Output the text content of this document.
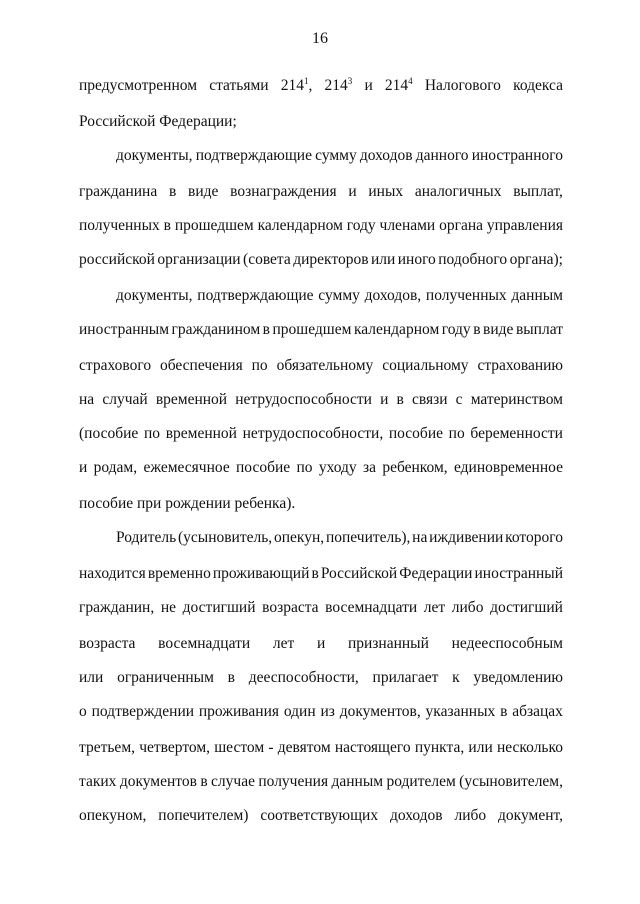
16
предусмотренном статьями $214^1$, $214^3$ и $214^4$ Налогового кодекса
Российской Федерации;
документы, подтверждающие сумму доходов данного иностранного
гражданина в виде вознаграждения и иных аналогичных выплат,
полученных в прошедшем календарном году членами органа управления
российской организации (совета директоров или иного подобного органа);
документы, подтверждающие сумму доходов, полученных данным
иностранным гражданином в прошедшем календарном году в виде выплат
страхового обеспечения по обязательному социальному страхованию
на случай временной нетрудоспособности и в связи с материнством
(пособие по временной нетрудоспособности, пособие по беременности
и родам, ежемесячное пособие по уходу за ребенком, единовременное
пособие при рождении ребенка).
Родитель (усыновитель, опекун, попечитель), на иждивении которого
находится временно проживающий в Российской Федерации иностранный
гражданин, не достигший возраста восемнадцати лет либо достигший
возраста восемнадцати лет и признанный недееспособным
или ограниченным в дееспособности, прилагает к уведомлению
о подтверждении проживания один из документов, указанных в абзацах
третьем, четвертом, шестом - девятом настоящего пункта, или несколько
таких документов в случае получения данным родителем (усыновителем,
опекуном, попечителем) соответствующих доходов либо документ,
